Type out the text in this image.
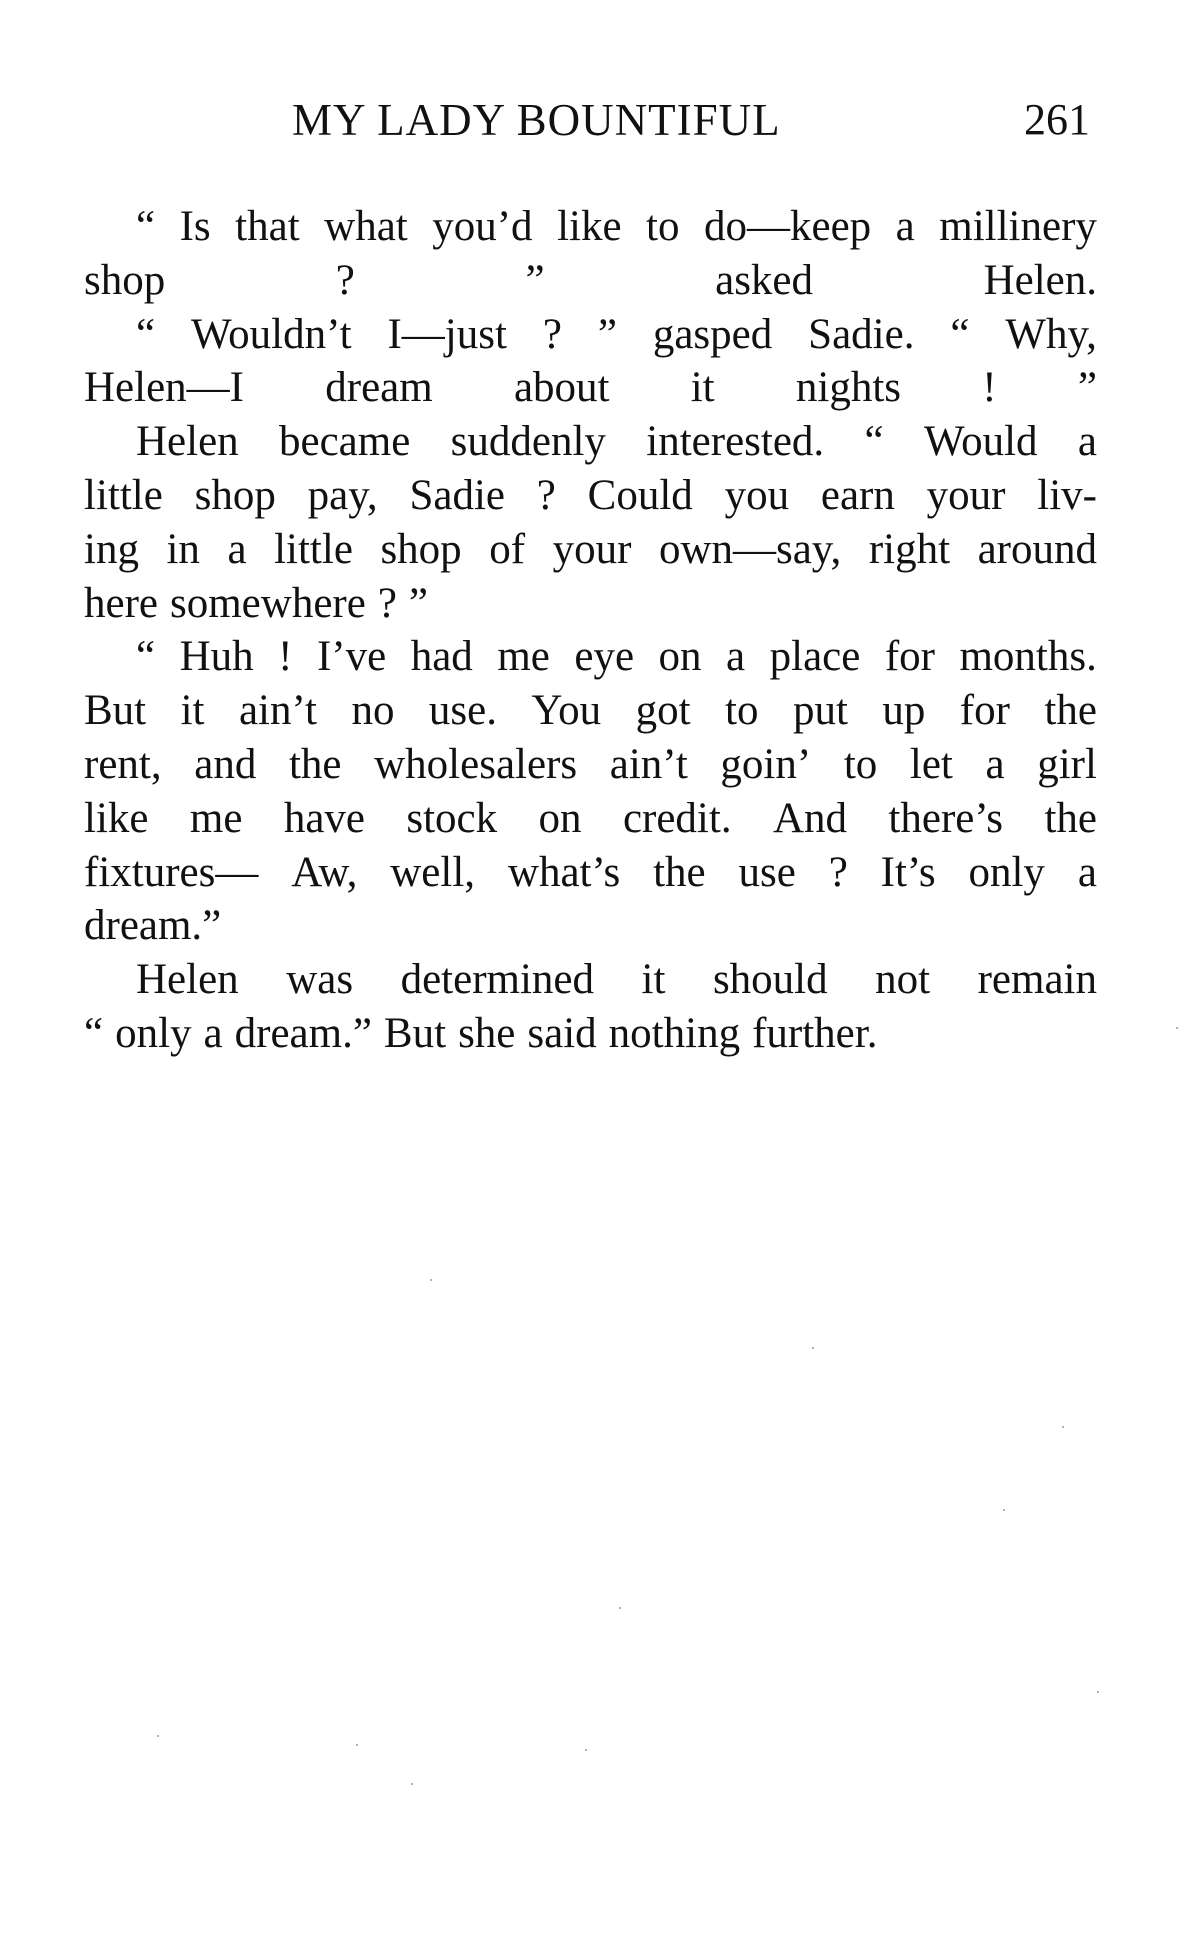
MY LADY BOUNTIFUL	261
“ Is that what you’d like to do—keep a millinery
shop	?	”	asked	Helen.
“ Wouldn’t I—just ? ” gasped Sadie. “ Why,
Helen—I dream about it nights ! ”
Helen became suddenly interested. “ Would a
little shop pay, Sadie ? Could you earn your liv-
ing in a little shop of your own—say, right around
here somewhere ? ”
“ Huh ! I’ve had me eye on a place for months.
But it ain’t no use. You got to put up for the
rent, and the wholesalers ain’t goin’ to let a girl
like me have stock on credit. And there’s the
fixtures— Aw, well, what’s the use ? It’s only a
dream.”
Helen was determined it should not remain
“ only a dream.” But she said nothing further.
